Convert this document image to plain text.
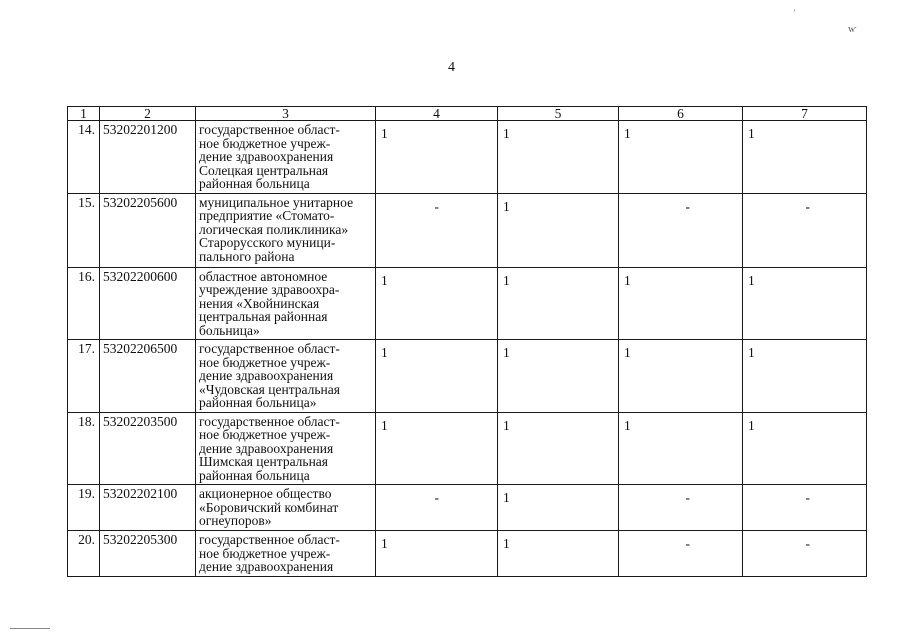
4
ʼ
ⱳ
1	2	3	4	5	6	7
14.	53202201200	государственное област-
ное бюджетное учреж-
дение здравоохранения
Солецкая центральная
районная больница	1	1	1	1
15.	53202205600	муниципальное унитарное
предприятие «Стомато-
логическая поликлиника»
Старорусского муници-
пального района	-	1	-	-
16.	53202200600	областное автономное
учреждение здравоохра-
нения «Хвойнинская
центральная районная
больница»	1	1	1	1
17.	53202206500	государственное област-
ное бюджетное учреж-
дение здравоохранения
«Чудовская центральная
районная больница»	1	1	1	1
18.	53202203500	государственное област-
ное бюджетное учреж-
дение здравоохранения
Шимская центральная
районная больница	1	1	1	1
19.	53202202100	акционерное общество
«Боровичский комбинат
огнеупоров»	-	1	-	-
20.	53202205300	государственное област-
ное бюджетное учреж-
дение здравоохранения	1	1	-	-
